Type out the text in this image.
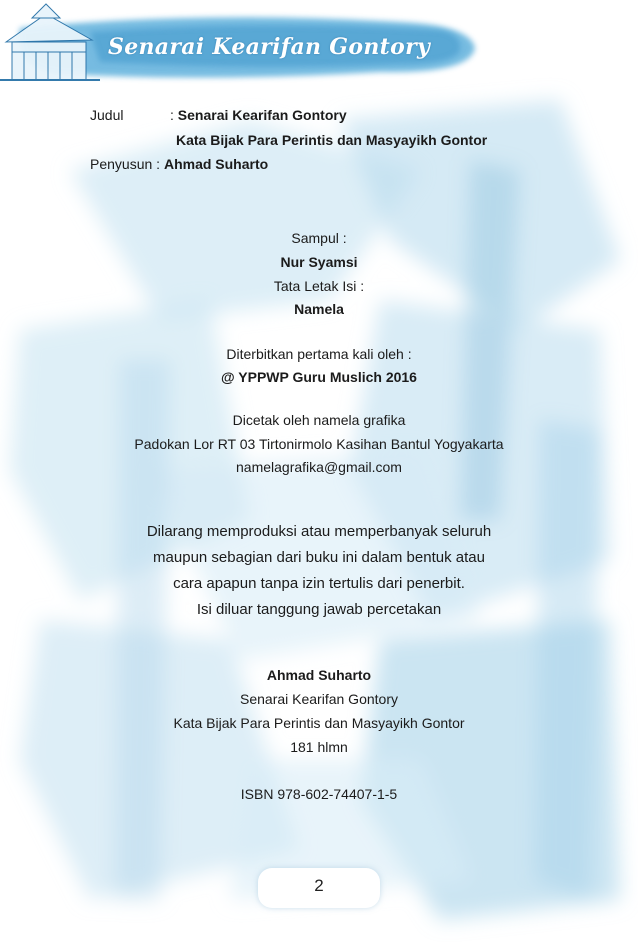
Senarai Kearifan Gontory
Judul	: Senarai Kearifan Gontory
Kata Bijak Para Perintis dan Masyayikh Gontor
Penyusun : Ahmad Suharto
Sampul :
Nur Syamsi
Tata Letak Isi :
Namela
Diterbitkan pertama kali oleh :
@ YPPWP Guru Muslich 2016
Dicetak oleh namela grafika
Padokan Lor RT 03 Tirtonirmolo Kasihan Bantul Yogyakarta
namelagrafika@gmail.com
Dilarang memproduksi atau memperbanyak seluruh
maupun sebagian dari buku ini dalam bentuk atau
cara apapun tanpa izin tertulis dari penerbit.
Isi diluar tanggung jawab percetakan
Ahmad Suharto
Senarai Kearifan Gontory
Kata Bijak Para Perintis dan Masyayikh Gontor
181 hlmn
ISBN 978-602-74407-1-5
2
